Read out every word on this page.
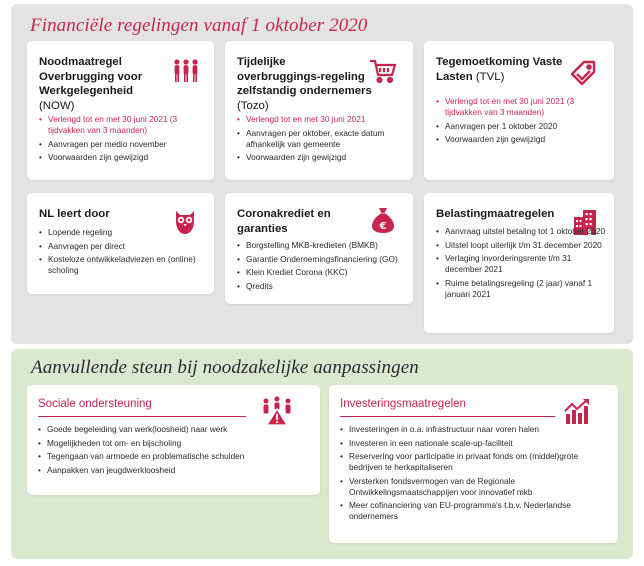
Financiële regelingen vanaf 1 oktober 2020
Noodmaatregel Overbrugging voor Werkgelegenheid (NOW)
• Verlengd tot en met 30 juni 2021 (3 tijdvakken van 3 maanden)
• Aanvragen per medio november
• Voorwaarden zijn gewijzigd
Tijdelijke overbruggings-regeling zelfstandig ondernemers (Tozo)
• Verlengd tot en met 30 juni 2021
• Aanvragen per oktober, exacte datum afhankelijk van gemeente
• Voorwaarden zijn gewijzigd
Tegemoetkoming Vaste Lasten (TVL)
• Verlengd tot en met 30 juni 2021 (3 tijdvakken van 3 maanden)
• Aanvragen per 1 oktober 2020
• Voorwaarden zijn gewijzigd
NL leert door
• Lopende regeling
• Aanvragen per direct
• Kosteloze ontwikkeladviezen en (online) scholing
Coronakrediet en garanties	€
• Borgstelling MKB-kredieten (BMKB)
• Garantie Ondernemingsfinanciering (GO)
• Klein Krediet Corona (KKC)
• Qredits
Belastingmaatregelen
• Aanvraag uitstel betaling tot 1 oktober 2020
• Uitstel loopt uiterlijk t/m 31 december 2020
• Verlaging invorderingsrente t/m 31 december 2021
• Ruime betalingsregeling (2 jaar) vanaf 1 januari 2021
Aanvullende steun bij noodzakelijke aanpassingen
Sociale ondersteuning
• Goede begeleiding van werk(loosheid) naar werk
• Mogelijkheden tot om- en bijscholing
• Tegengaan van armoede en problematische schulden
• Aanpakken van jeugdwerkloosheid
Investeringsmaatregelen
• Investeringen in o.a. infrastructuur naar voren halen
• Investeren in een nationale scale-up-faciliteit
• Reservering voor participatie in privaat fonds om (middel)grote bedrijven te herkapitaliseren
• Versterken fondsvermogen van de Regionale Ontwikkelingsmaatschappijen voor innovatief mkb
• Meer cofinanciering van EU-programma's t.b.v. Nederlandse ondernemers
